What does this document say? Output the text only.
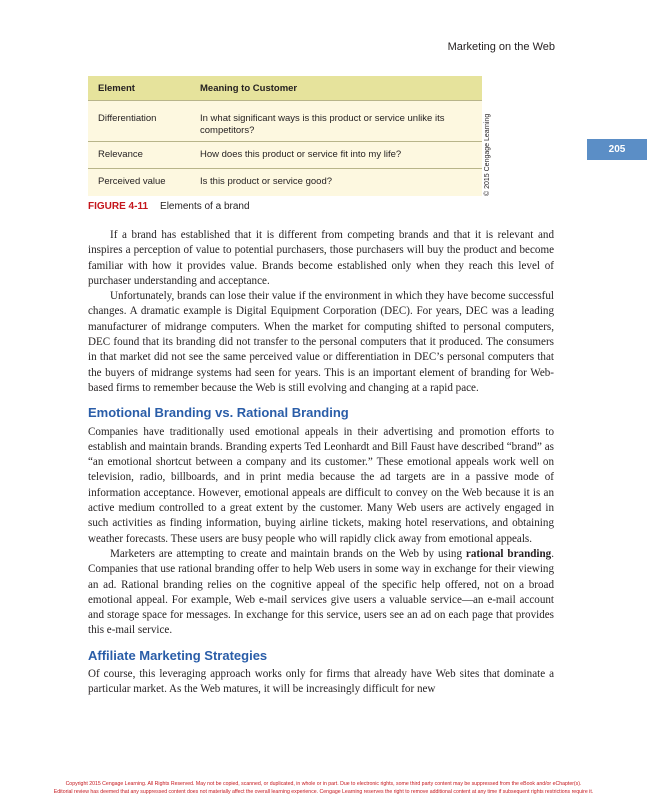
Marketing on the Web
205
Element	Meaning to Customer
Differentiation	In what significant ways is this product or service unlike its competitors?
Relevance	How does this product or service fit into my life?
Perceived value	Is this product or service good?	© 2015 Cengage Learning
FIGURE 4-11 Elements of a brand

If a brand has established that it is different from competing brands and that it is relevant and inspires a perception of value to potential purchasers, those purchasers will buy the product and become familiar with how it provides value. Brands become established only when they reach this level of purchaser understanding and acceptance.

Unfortunately, brands can lose their value if the environment in which they have become successful changes. A dramatic example is Digital Equipment Corporation (DEC). For years, DEC was a leading manufacturer of midrange computers. When the market for computing shifted to personal computers, DEC found that its branding did not transfer to the personal computers that it produced. The consumers in that market did not see the same perceived value or differentiation in DEC’s personal computers that the buyers of midrange systems had seen for years. This is an important element of branding for Web-based firms to remember because the Web is still evolving and changing at a rapid pace.

Emotional Branding vs. Rational Branding

Companies have traditionally used emotional appeals in their advertising and promotion efforts to establish and maintain brands. Branding experts Ted Leonhardt and Bill Faust have described “brand” as “an emotional shortcut between a company and its customer.” These emotional appeals work well on television, radio, billboards, and in print media because the ad targets are in a passive mode of information acceptance. However, emotional appeals are difficult to convey on the Web because it is an active medium controlled to a great extent by the customer. Many Web users are actively engaged in such activities as finding information, buying airline tickets, making hotel reservations, and obtaining weather forecasts. These users are busy people who will rapidly click away from emotional appeals.

Marketers are attempting to create and maintain brands on the Web by using rational branding. Companies that use rational branding offer to help Web users in some way in exchange for their viewing an ad. Rational branding relies on the cognitive appeal of the specific help offered, not on a broad emotional appeal. For example, Web e-mail services give users a valuable service—an e-mail account and storage space for messages. In exchange for this service, users see an ad on each page that provides this e-mail service.

Affiliate Marketing Strategies

Of course, this leveraging approach works only for firms that already have Web sites that dominate a particular market. As the Web matures, it will be increasingly difficult for new

Copyright 2015 Cengage Learning. All Rights Reserved. May not be copied, scanned, or duplicated, in whole or in part. Due to electronic rights, some third party content may be suppressed from the eBook and/or eChapter(s).
Editorial review has deemed that any suppressed content does not materially affect the overall learning experience. Cengage Learning reserves the right to remove additional content at any time if subsequent rights restrictions require it.
